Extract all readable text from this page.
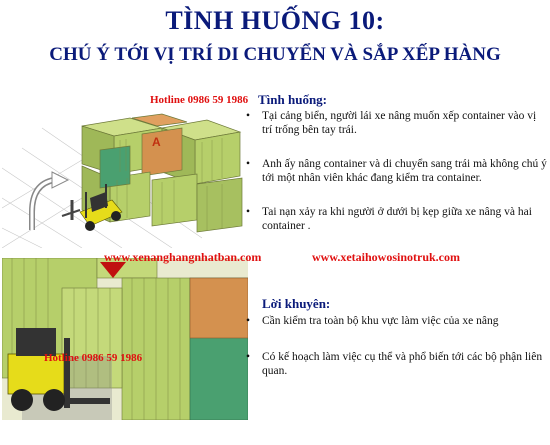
TÌNH HUỐNG 10:
CHÚ Ý TỚI VỊ TRÍ DI CHUYỂN VÀ SẮP XẾP HÀNG
A
Hotline 0986 59 1986
Hotline 0986 59 1986
Tình huống:
• Tại cảng biển, người lái xe nâng muốn xếp container vào vị trí trống bên tay trái.
• Anh ấy nâng container và di chuyển sang trái mà không chú ý tới một nhân viên khác đang kiểm tra container.
• Tai nạn xảy ra khi người ở dưới bị kẹp giữa xe nâng và hai container .
www.xenanghangnhatban.com	www.xetaihowosinotruk.com
Lời khuyên:
• Cần kiểm tra toàn bộ khu vực làm việc của xe nâng
• Có kế hoạch làm việc cụ thể và phổ biến tới các bộ phận liên quan.
